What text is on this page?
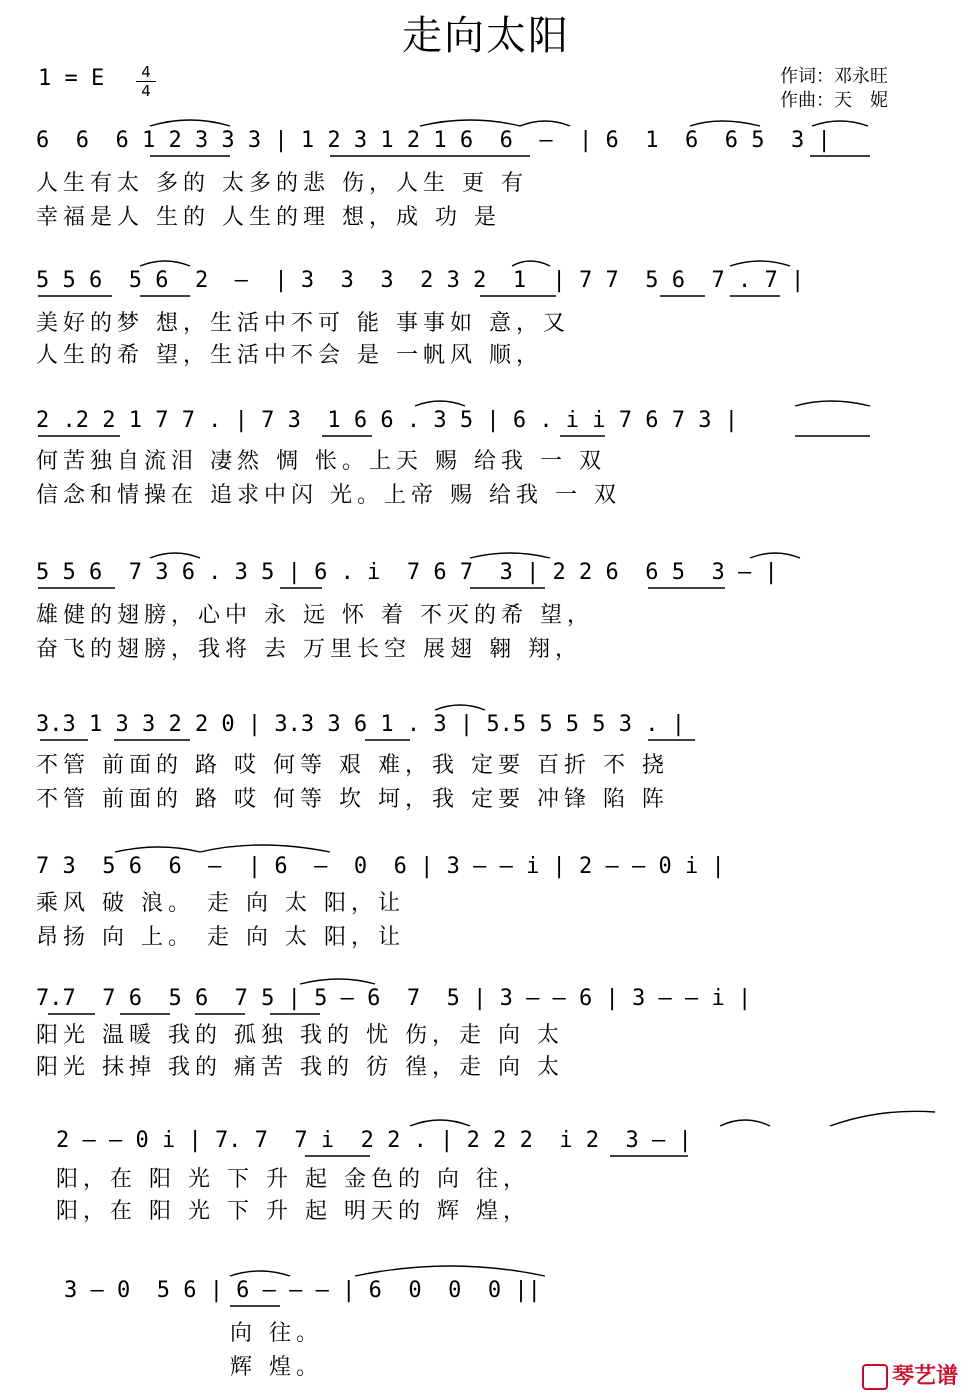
走向太阳
1 = E	4
4
作词：邓永旺
作曲：天　妮
6  6  6 1 2 3 3 3 | 1 2 3 1 2 1 6  6  —  | 6  1  6  6 5  3 |
人生有太 多的 太多的悲 伤，人生 更 有
幸福是人 生的 人生的理 想，成 功 是
5 5 6  5 6  2  —  | 3  3  3  2 3 2  1  | 7 7  5 6  7 . 7 |
美好的梦 想，生活中不可 能 事事如 意，又
人生的希 望，生活中不会 是 一帆风 顺，
2 .2 2 1 7 7 . | 7 3  1 6 6 . 3 5 | 6 . i i 7 6 7 3 |
何苦独自流泪 凄然 惆 怅。上天 赐 给我 一 双
信念和情操在 追求中闪 光。上帝 赐 给我 一 双
5 5 6  7 3 6 . 3 5 | 6 . i  7 6 7  3 | 2 2 6  6 5  3 — |
雄健的翅膀，心中 永 远 怀 着 不灭的希 望，
奋飞的翅膀，我将 去 万里长空 展翅 翱 翔，
3.3 1 3 3 2 2 0 | 3.3 3 6 1 . 3 | 5.5 5 5 5 3 . |
不管 前面的 路 哎 何等 艰 难，我 定要 百折 不 挠
不管 前面的 路 哎 何等 坎 坷，我 定要 冲锋 陷 阵
7 3  5 6  6  —  | 6  —  0  6 | 3 — — i | 2 — — 0 i |
乘风 破 浪。 走 向 太 阳，让
昂扬 向 上。 走 向 太 阳，让
7.7  7 6  5 6  7 5 | 5 — 6  7  5 | 3 — — 6 | 3 — — i |
阳光 温暖 我的 孤独 我的 忧 伤，走 向 太
阳光 抹掉 我的 痛苦 我的 彷 徨，走 向 太
2 — — 0 i | 7. 7  7 i  2 2 . | 2 2 2  i 2  3 — |
阳，在 阳 光 下 升 起 金色的 向 往，
阳，在 阳 光 下 升 起 明天的 辉 煌，
3 — 0  5 6 | 6 — — — | 6  0  0  0 ||
向 往。
辉 煌。	琴艺谱
